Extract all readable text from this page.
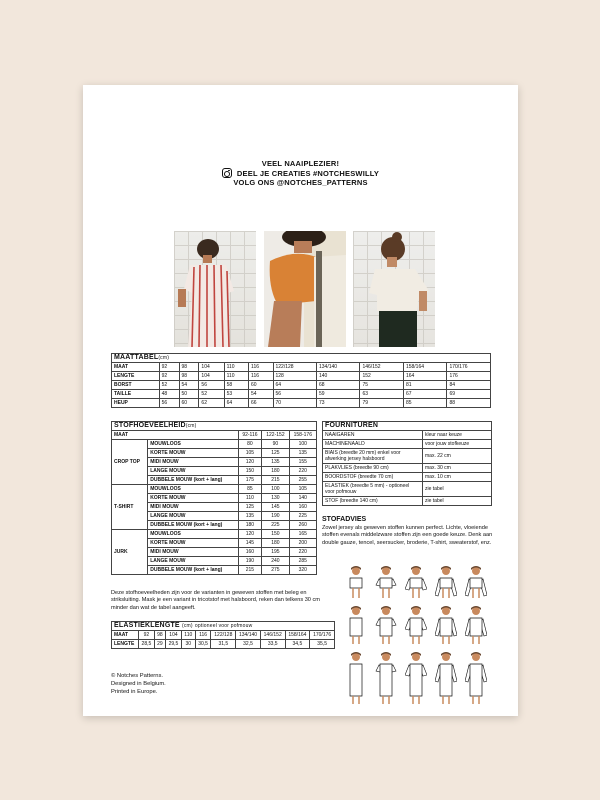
VEEL NAAIPLEZIER!
DEEL JE CREATIES #NOTCHESWILLY
VOLG ONS @NOTCHES_PATTERNS
MAATTABEL(cm)										
MAAT	92	98	104	110	116	122/128	134/140	146/152	158/164	170/176
LENGTE	92	98	104	110	116	128	140	152	164	176
BORST	52	54	56	58	60	64	68	75	81	84
TAILLE	48	50	52	53	54	56	59	63	67	69
HEUP	56	60	62	64	66	70	73	79	85	88
STOFHOEVEELHEID(cm)				
MAAT		92-116	122-152	158-176
CROP TOP	MOUWLOOS	80	90	100
	KORTE MOUW	105	125	135
	MIDI MOUW	120	135	155
	LANGE MOUW	150	180	220
	DUBBELE MOUW (kort + lang)	175	215	255
T-SHIRT	MOUWLOOS	85	100	105
	KORTE MOUW	110	130	140
	MIDI MOUW	125	145	160
	LANGE MOUW	135	190	225
	DUBBELE MOUW (kort + lang)	180	225	260
JURK	MOUWLOOS	120	150	165
	KORTE MOUW	145	180	200
	MIDI MOUW	160	195	220
	LANGE MOUW	190	240	285
	DUBBELE MOUW (kort + lang)	215	275	320
FOURNITUREN	
NAAIGAREN	kleur naar keuze
MACHINENAALD	voor jouw stofkeuze
BIAIS (breedte 20 mm) enkel voor afwerking jersey halsboord	max. 22 cm
PLAKVLIES (breedte 90 cm)	max. 30 cm
BOORDSTOF (breedte 70 cm)	max. 10 cm
ELASTIEK (breedte 5 mm) - optioneel voor pofmouw	zie tabel
STOF (breedte 140 cm)	zie tabel
STOFADVIES

Zowel jersey als geweven stoffen kunnen perfect. Lichte, vloeiende stoffen evenals middelzware stoffen zijn een goede keuze. Denk aan double gauze, tencel, seersucker, broderie, T-shirt, sweaterstof, enz.

Deze stofhoeveelheden zijn voor de varianten in geweven stoffen met beleg en striksluiting. Mask je een variant in tricotstof met halsboord, reken dan telkens 30 cm minder dan wat de tabel aangeeft.
ELASTIEKLENGTE (cm) optioneel voor pofmouw										
MAAT	92	98	104	110	116	122/128	134/140	146/152	158/164	170/176
LENGTE	28,5	29	29,5	30	30,5	31,5	32,5	33,5	34,5	35,5
© Notches Patterns.
Designed in Belgium.
Printed in Europe.
